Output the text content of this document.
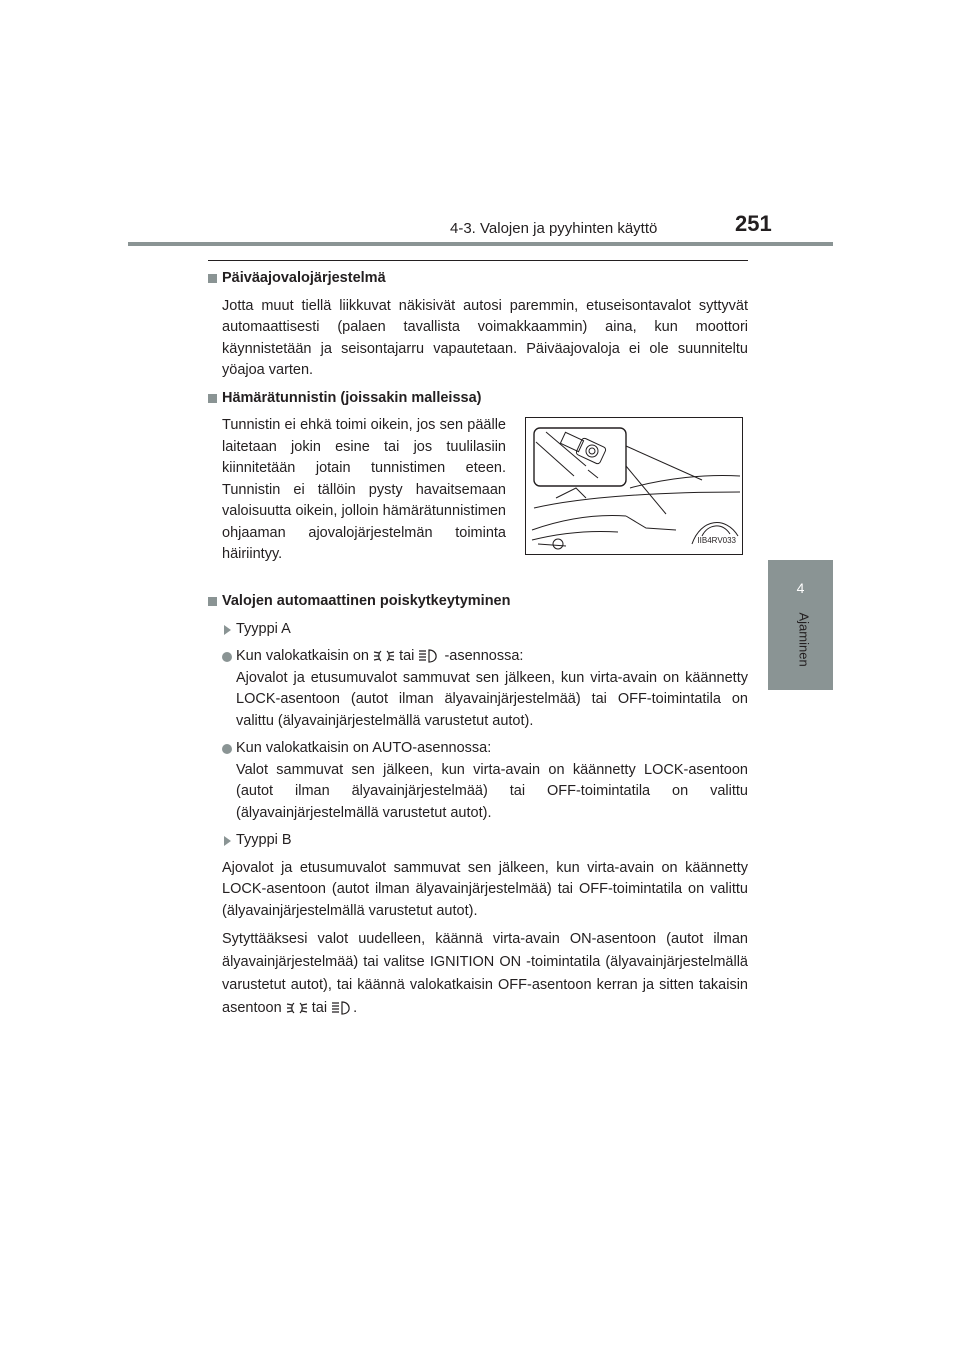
4-3. Valojen ja pyyhinten käyttö	251
4
Ajaminen
Päiväajovalojärjestelmä
Jotta muut tiellä liikkuvat näkisivät autosi paremmin, etuseisontavalot syttyvät automaattisesti (palaen tavallista voimakkaammin) aina, kun moottori käynnistetään ja seisontajarru vapautetaan. Päiväajovaloja ei ole suunniteltu yöajoa varten.
Hämärätunnistin (joissakin malleissa)
Tunnistin ei ehkä toimi oikein, jos sen päälle laitetaan jokin esine tai jos tuulilasiin kiinnitetään jotain tunnistimen eteen. Tunnistin ei tällöin pysty havaitsemaan valoisuutta oikein, jolloin hämärätunnistimen ohjaaman ajovalojärjestelmän toiminta häiriintyy.
IIB4RV033
Valojen automaattinen poiskytkeytyminen
Tyyppi A
Kun valokatkaisin on tai -asennossa:
Ajovalot ja etusumuvalot sammuvat sen jälkeen, kun virta-avain on käännetty LOCK-asentoon (autot ilman älyavainjärjestelmää) tai OFF-toimintatila on valittu (älyavainjärjestelmällä varustetut autot).
Kun valokatkaisin on AUTO-asennossa:
Valot sammuvat sen jälkeen, kun virta-avain on käännetty LOCK-asentoon (autot ilman älyavainjärjestelmää) tai OFF-toimintatila on valittu (älyavainjärjestelmällä varustetut autot).
Tyyppi B
Ajovalot ja etusumuvalot sammuvat sen jälkeen, kun virta-avain on käännetty LOCK-asentoon (autot ilman älyavainjärjestelmää) tai OFF-toimintatila on valittu (älyavainjärjestelmällä varustetut autot).
Sytyttääksesi valot uudelleen, käännä virta-avain ON-asentoon (autot ilman älyavainjärjestelmää) tai valitse IGNITION ON -toimintatila (älyavainjärjestelmällä varustetut autot), tai käännä valokatkaisin OFF-asentoon kerran ja sitten takaisin asentoon tai .
